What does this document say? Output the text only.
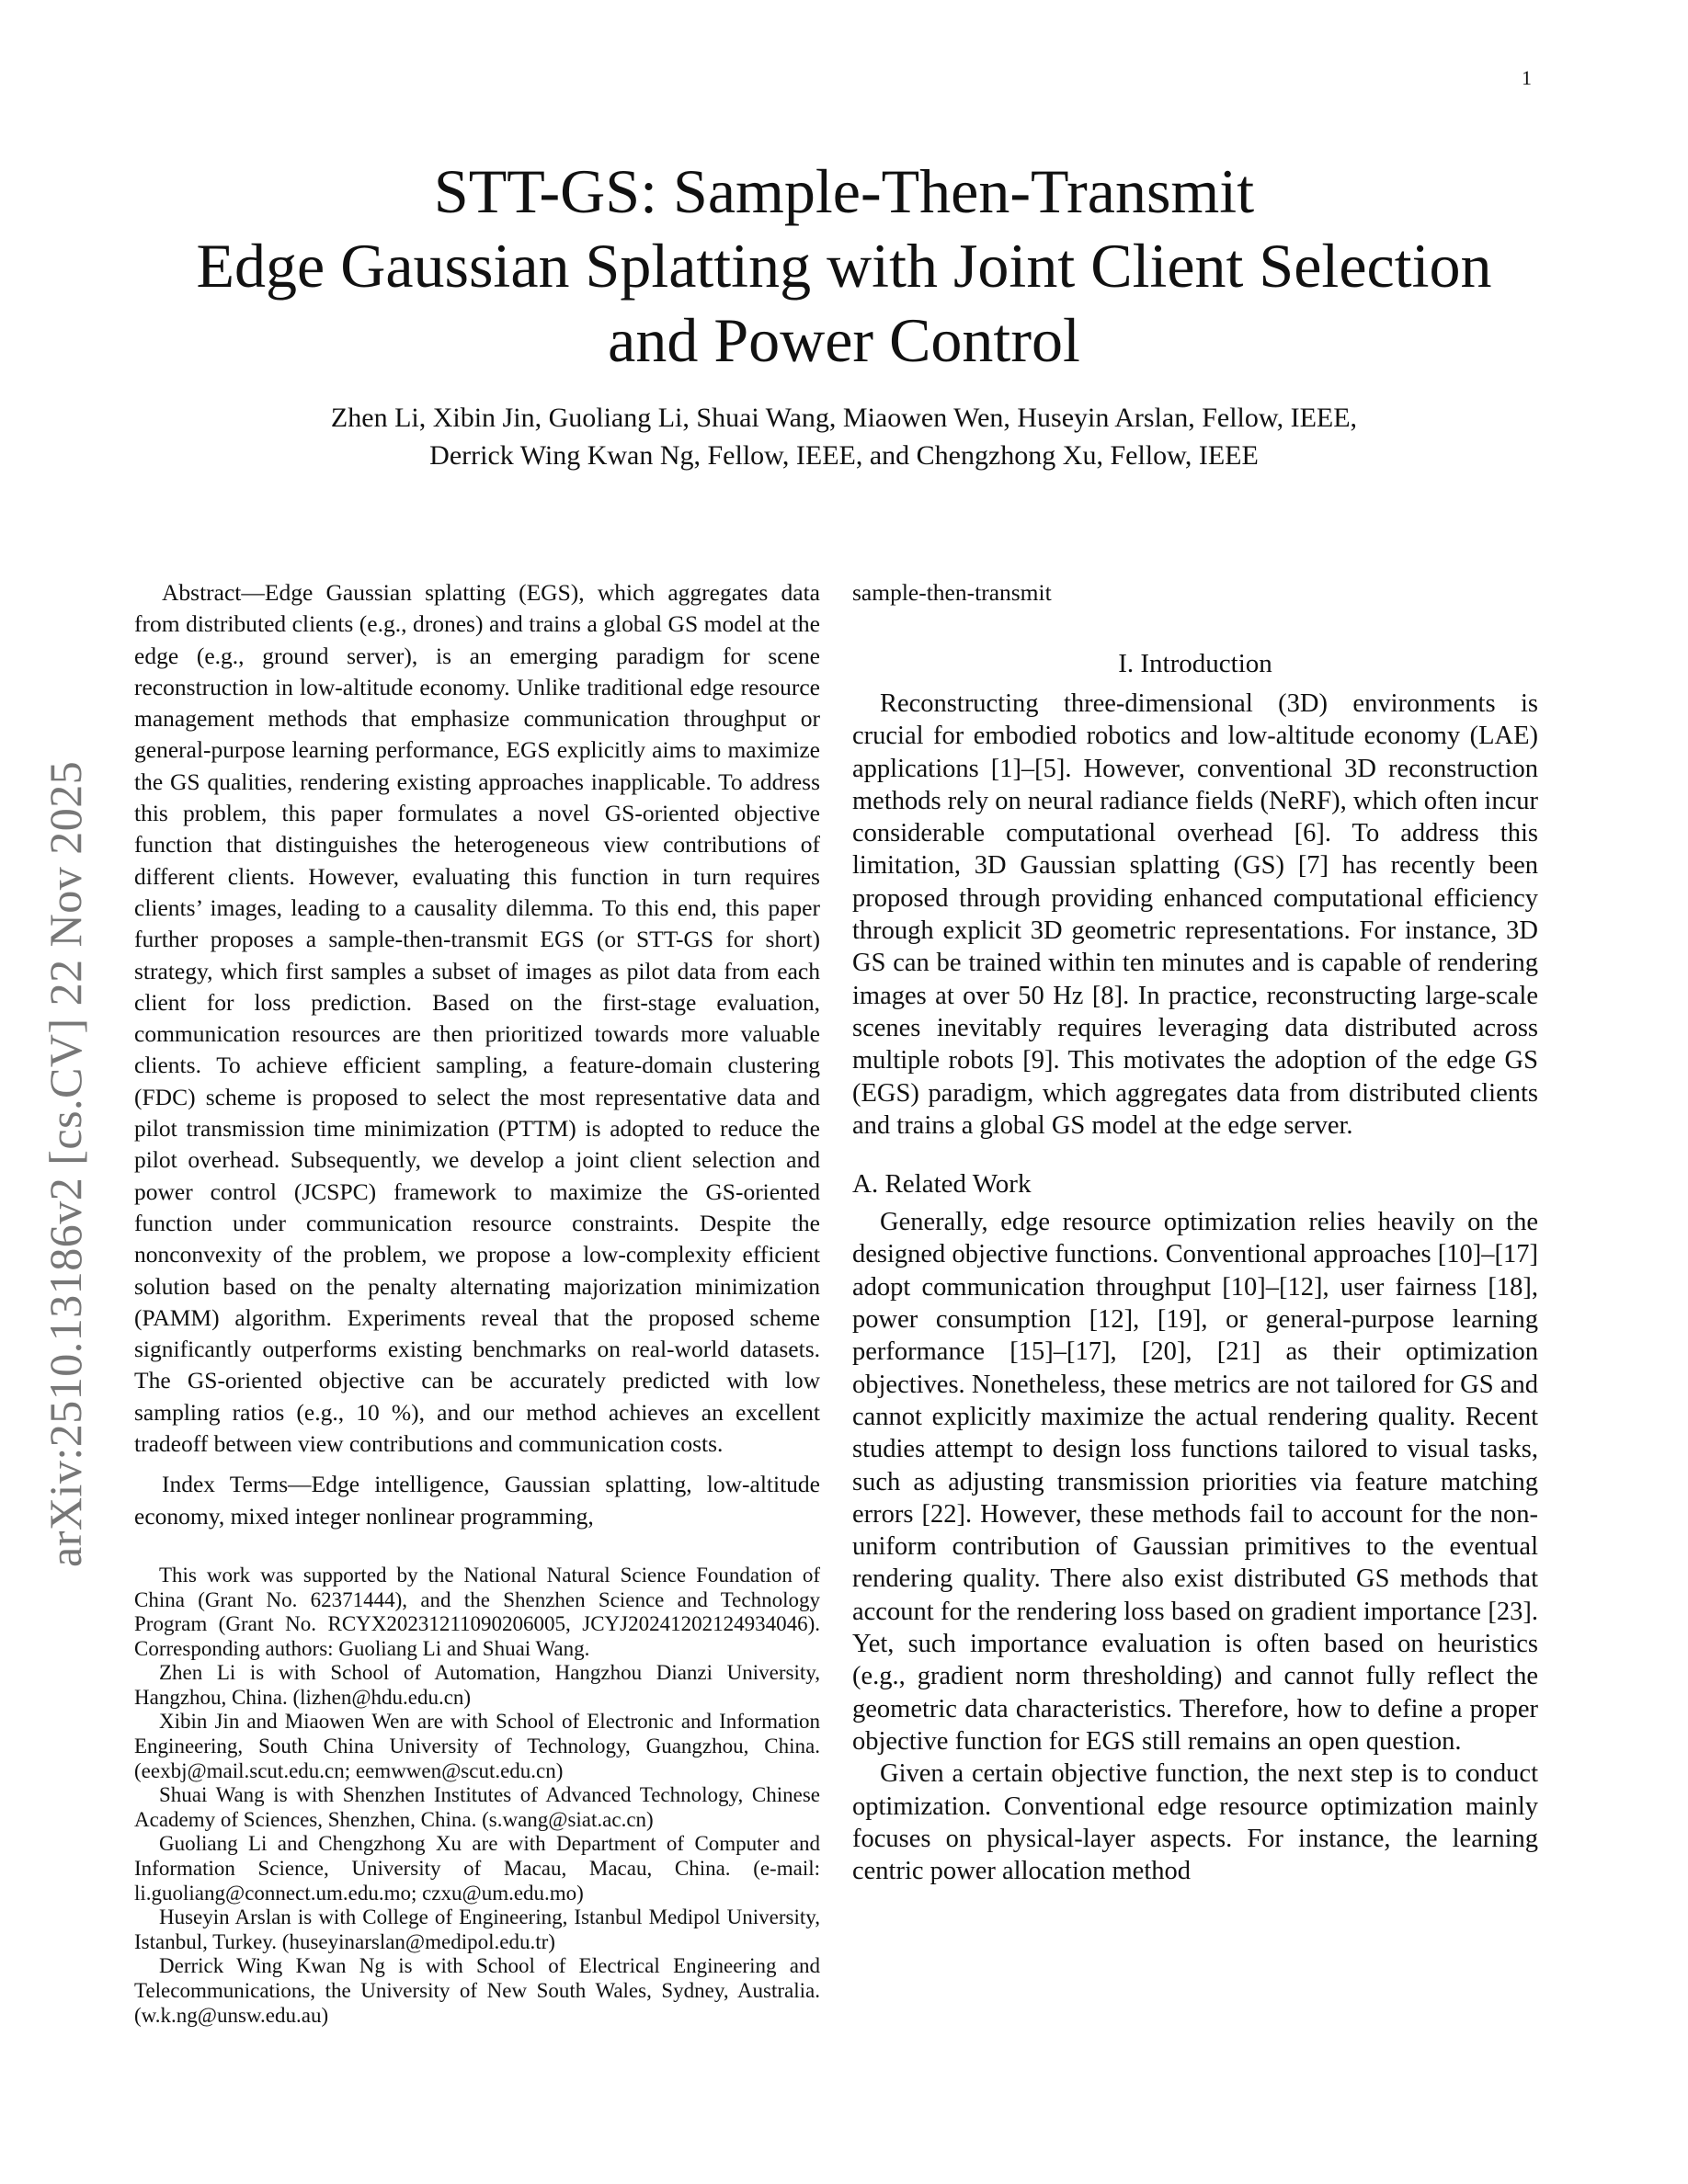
1
STT-GS: Sample-Then-Transmit
Edge Gaussian Splatting with Joint Client Selection
and Power Control
Zhen Li, Xibin Jin, Guoliang Li, Shuai Wang, Miaowen Wen, Huseyin Arslan, Fellow, IEEE,
Derrick Wing Kwan Ng, Fellow, IEEE, and Chengzhong Xu, Fellow, IEEE
arXiv:2510.13186v2 [cs.CV] 22 Nov 2025
Abstract—Edge Gaussian splatting (EGS), which aggregates data from distributed clients (e.g., drones) and trains a global GS model at the edge (e.g., ground server), is an emerging paradigm for scene reconstruction in low-altitude economy. Unlike traditional edge resource management methods that emphasize communication throughput or general-purpose learning performance, EGS explicitly aims to maximize the GS qualities, rendering existing approaches inapplicable. To address this problem, this paper formulates a novel GS-oriented objective function that distinguishes the heterogeneous view contributions of different clients. However, evaluating this function in turn requires clients’ images, leading to a causality dilemma. To this end, this paper further proposes a sample-then-transmit EGS (or STT-GS for short) strategy, which first samples a subset of images as pilot data from each client for loss prediction. Based on the first-stage evaluation, communication resources are then prioritized towards more valuable clients. To achieve efficient sampling, a feature-domain clustering (FDC) scheme is proposed to select the most representative data and pilot transmission time minimization (PTTM) is adopted to reduce the pilot overhead. Subsequently, we develop a joint client selection and power control (JCSPC) framework to maximize the GS-oriented function under communication resource constraints. Despite the nonconvexity of the problem, we propose a low-complexity efficient solution based on the penalty alternating majorization minimization (PAMM) algorithm. Experiments reveal that the proposed scheme significantly outperforms existing benchmarks on real-world datasets. The GS-oriented objective can be accurately predicted with low sampling ratios (e.g., 10 %), and our method achieves an excellent tradeoff between view contributions and communication costs.
Index Terms—Edge intelligence, Gaussian splatting, low-altitude economy, mixed integer nonlinear programming,

This work was supported by the National Natural Science Foundation of China (Grant No. 62371444), and the Shenzhen Science and Technology Program (Grant No. RCYX20231211090206005, JCYJ20241202124934046). Corresponding authors: Guoliang Li and Shuai Wang.

Zhen Li is with School of Automation, Hangzhou Dianzi University, Hangzhou, China. (lizhen@hdu.edu.cn)

Xibin Jin and Miaowen Wen are with School of Electronic and Information Engineering, South China University of Technology, Guangzhou, China. (eexbj@mail.scut.edu.cn; eemwwen@scut.edu.cn)

Shuai Wang is with Shenzhen Institutes of Advanced Technology, Chinese Academy of Sciences, Shenzhen, China. (s.wang@siat.ac.cn)

Guoliang Li and Chengzhong Xu are with Department of Computer and Information Science, University of Macau, Macau, China. (e-mail: li.guoliang@connect.um.edu.mo; czxu@um.edu.mo)

Huseyin Arslan is with College of Engineering, Istanbul Medipol University, Istanbul, Turkey. (huseyinarslan@medipol.edu.tr)

Derrick Wing Kwan Ng is with School of Electrical Engineering and Telecommunications, the University of New South Wales, Sydney, Australia. (w.k.ng@unsw.edu.au)

sample-then-transmit
I. Introduction

Reconstructing three-dimensional (3D) environments is crucial for embodied robotics and low-altitude economy (LAE) applications [1]–[5]. However, conventional 3D reconstruction methods rely on neural radiance fields (NeRF), which often incur considerable computational overhead [6]. To address this limitation, 3D Gaussian splatting (GS) [7] has recently been proposed through providing enhanced computational efficiency through explicit 3D geometric representations. For instance, 3D GS can be trained within ten minutes and is capable of rendering images at over 50 Hz [8]. In practice, reconstructing large-scale scenes inevitably requires leveraging data distributed across multiple robots [9]. This motivates the adoption of the edge GS (EGS) paradigm, which aggregates data from distributed clients and trains a global GS model at the edge server.

A. Related Work

Generally, edge resource optimization relies heavily on the designed objective functions. Conventional approaches [10]–[17] adopt communication throughput [10]–[12], user fairness [18], power consumption [12], [19], or general-purpose learning performance [15]–[17], [20], [21] as their optimization objectives. Nonetheless, these metrics are not tailored for GS and cannot explicitly maximize the actual rendering quality. Recent studies attempt to design loss functions tailored to visual tasks, such as adjusting transmission priorities via feature matching errors [22]. However, these methods fail to account for the non-uniform contribution of Gaussian primitives to the eventual rendering quality. There also exist distributed GS methods that account for the rendering loss based on gradient importance [23]. Yet, such importance evaluation is often based on heuristics (e.g., gradient norm thresholding) and cannot fully reflect the geometric data characteristics. Therefore, how to define a proper objective function for EGS still remains an open question.

Given a certain objective function, the next step is to conduct optimization. Conventional edge resource optimization mainly focuses on physical-layer aspects. For instance, the learning centric power allocation method
